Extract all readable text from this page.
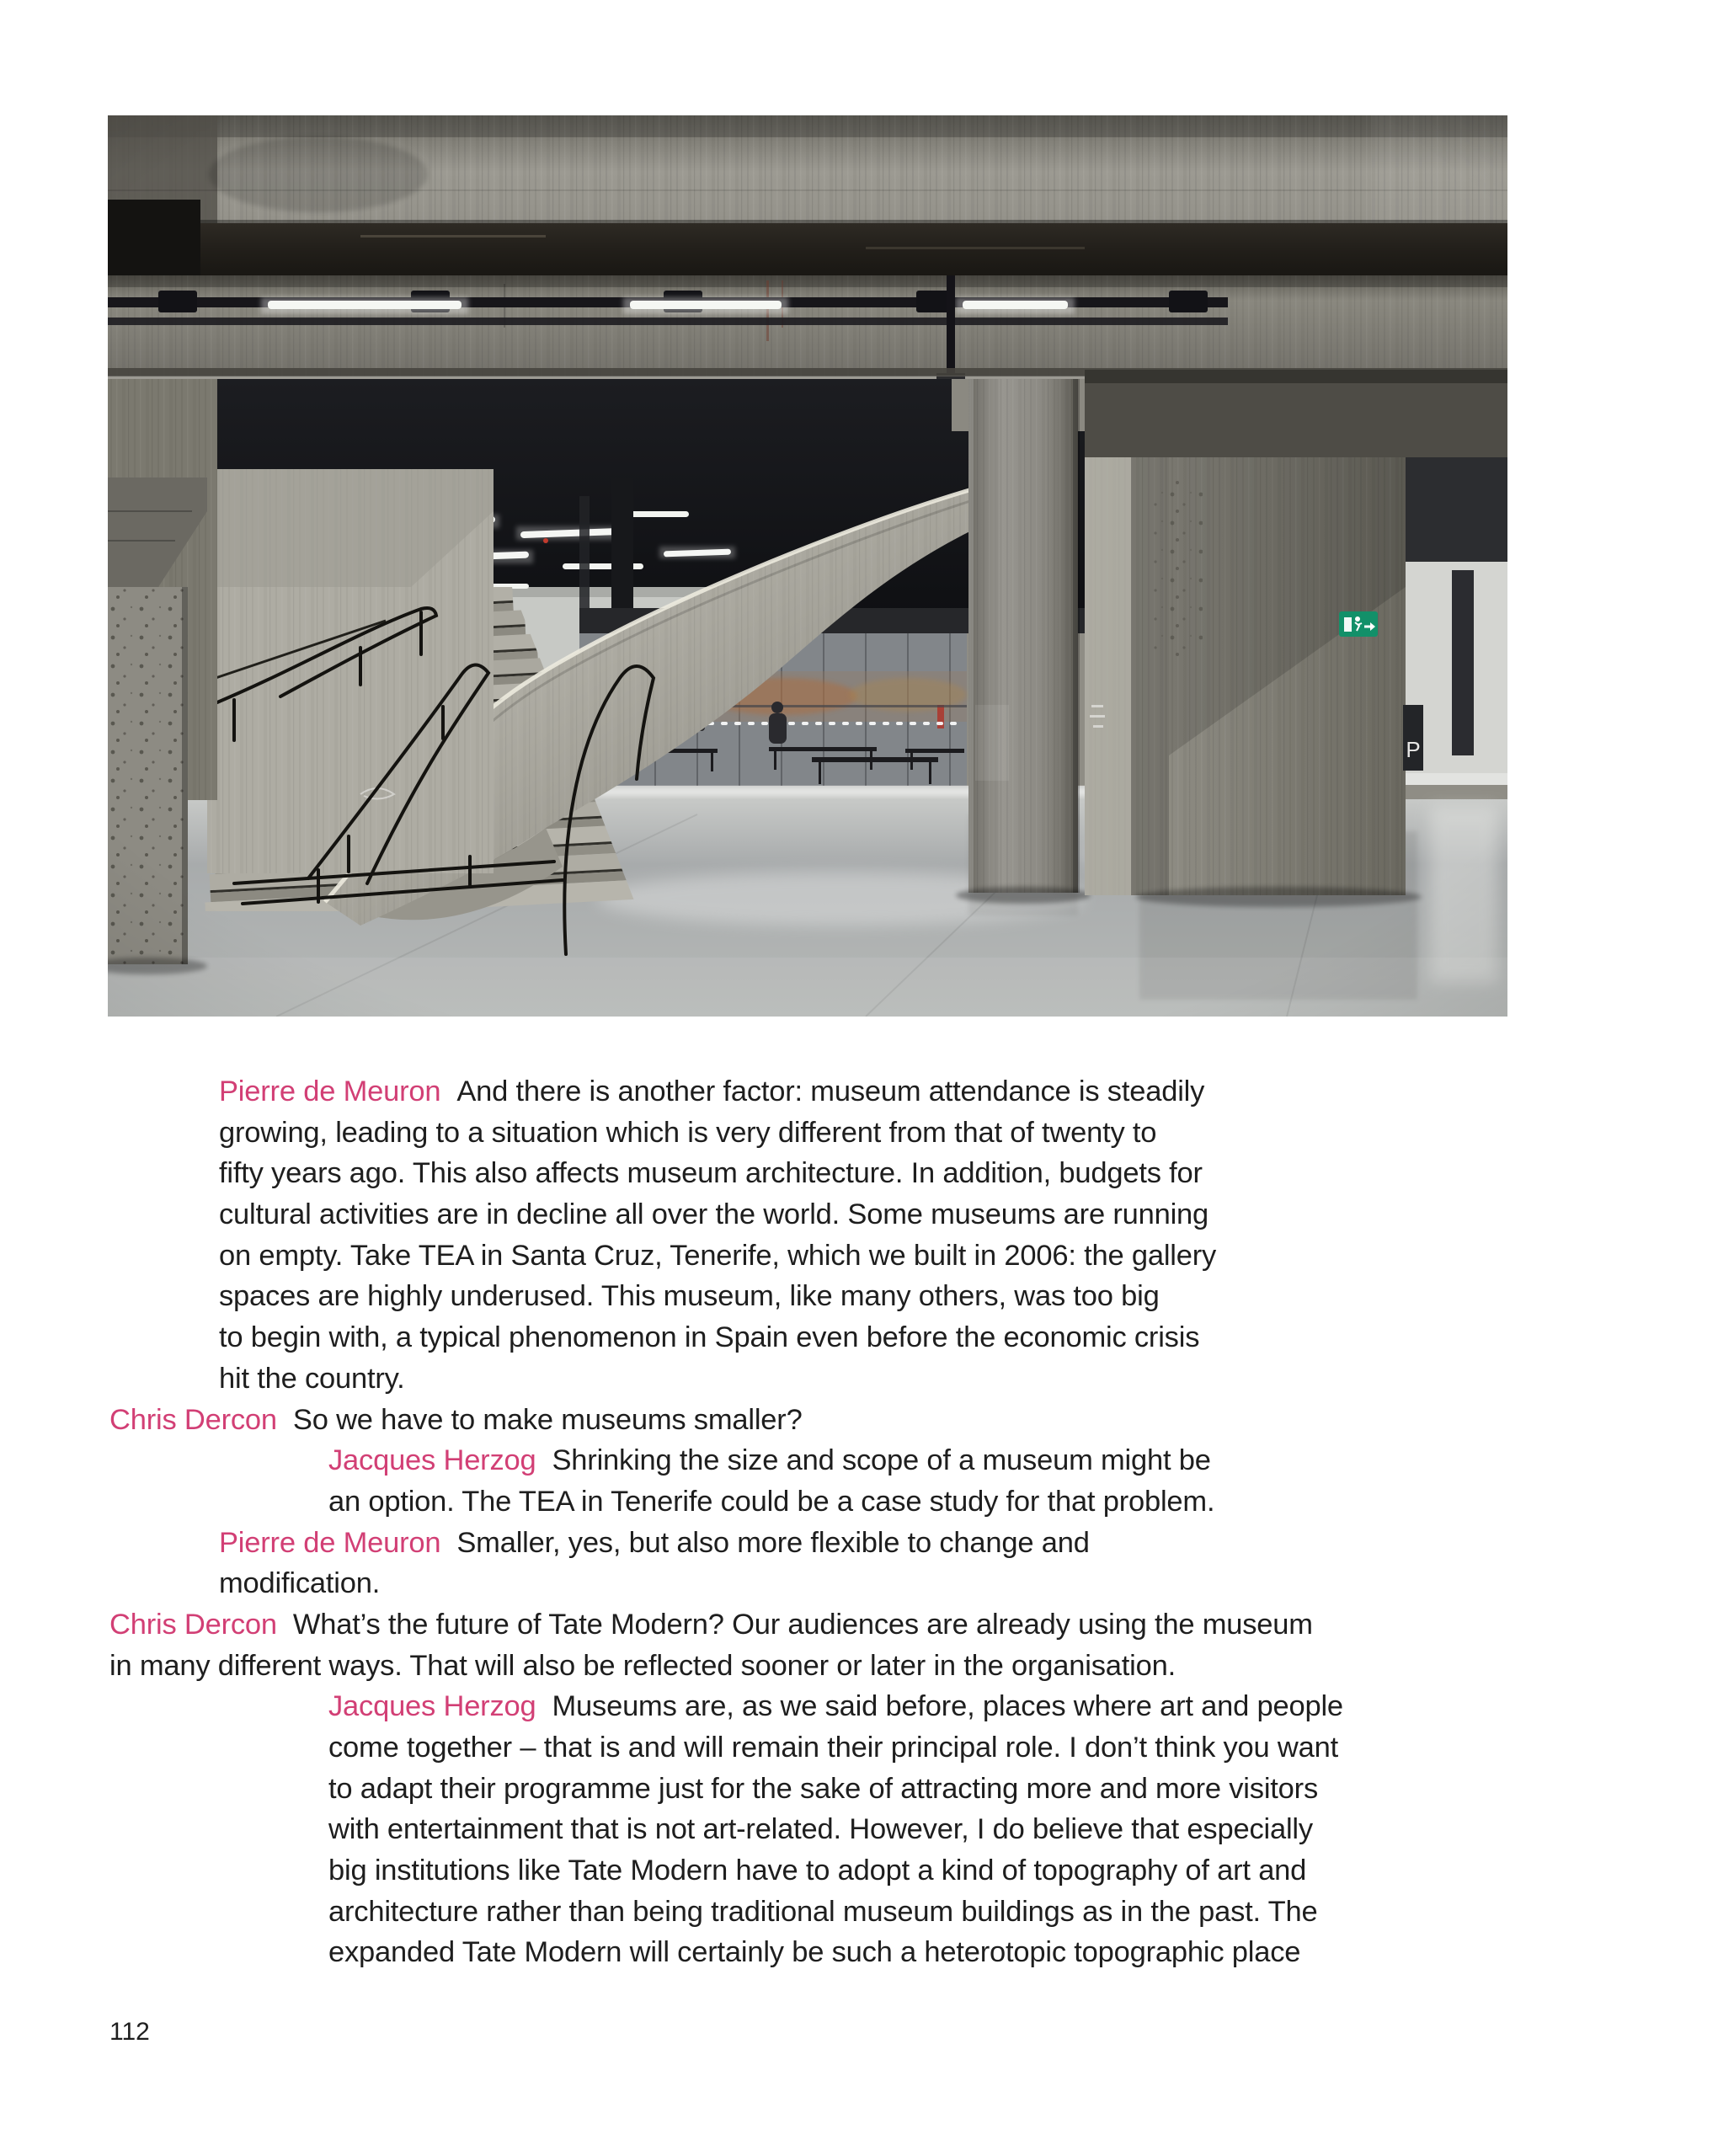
Pierre de Meuron And there is another factor: museum attendance is steadily
growing, leading to a situation which is very different from that of twenty to
fifty years ago. This also affects museum architecture. In addition, budgets for
cultural activities are in decline all over the world. Some museums are running
on empty. Take TEA in Santa Cruz, Tenerife, which we built in 2006: the gallery
spaces are highly underused. This museum, like many others, was too big
to begin with, a typical phenomenon in Spain even before the economic crisis
hit the country.
Chris Dercon So we have to make museums smaller?
Jacques Herzog Shrinking the size and scope of a museum might be
an option. The TEA in Tenerife could be a case study for that problem.
Pierre de Meuron Smaller, yes, but also more flexible to change and
modification.
Chris Dercon What’s the future of Tate Modern? Our audiences are already using the museum
in many different ways. That will also be reflected sooner or later in the organisation.
Jacques Herzog Museums are, as we said before, places where art and people
come together – that is and will remain their principal role. I don’t think you want
to adapt their programme just for the sake of attracting more and more visitors
with entertainment that is not art-related. However, I do believe that especially
big institutions like Tate Modern have to adopt a kind of topography of art and
architecture rather than being traditional museum buildings as in the past. The
expanded Tate Modern will certainly be such a heterotopic topographic place
112
